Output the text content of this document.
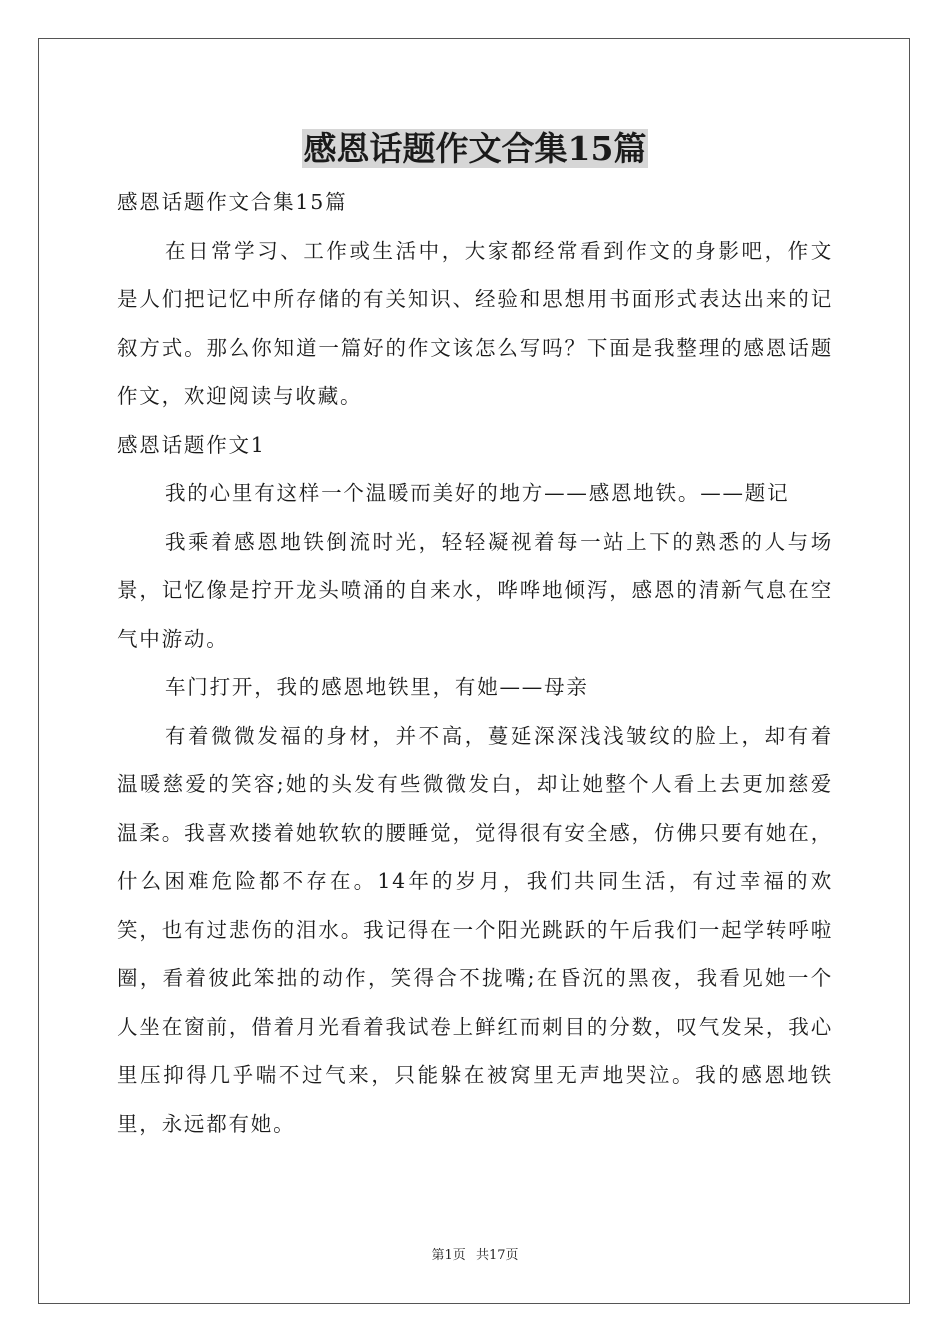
感恩话题作文合集15篇

感恩话题作文合集15篇

在日常学习、工作或生活中，大家都经常看到作文的身影吧，作文是人们把记忆中所存储的有关知识、经验和思想用书面形式表达出来的记叙方式。那么你知道一篇好的作文该怎么写吗？下面是我整理的感恩话题作文，欢迎阅读与收藏。

感恩话题作文1

我的心里有这样一个温暖而美好的地方——感恩地铁。——题记

我乘着感恩地铁倒流时光，轻轻凝视着每一站上下的熟悉的人与场景，记忆像是拧开龙头喷涌的自来水，哗哗地倾泻，感恩的清新气息在空气中游动。

车门打开，我的感恩地铁里，有她——母亲

有着微微发福的身材，并不高，蔓延深深浅浅皱纹的脸上，却有着温暖慈爱的笑容;她的头发有些微微发白，却让她整个人看上去更加慈爱温柔。我喜欢搂着她软软的腰睡觉，觉得很有安全感，仿佛只要有她在，什么困难危险都不存在。14年的岁月，我们共同生活，有过幸福的欢笑，也有过悲伤的泪水。我记得在一个阳光跳跃的午后我们一起学转呼啦圈，看着彼此笨拙的动作，笑得合不拢嘴;在昏沉的黑夜，我看见她一个人坐在窗前，借着月光看着我试卷上鲜红而刺目的分数，叹气发呆，我心里压抑得几乎喘不过气来，只能躲在被窝里无声地哭泣。我的感恩地铁里，永远都有她。

第1页 共17页
